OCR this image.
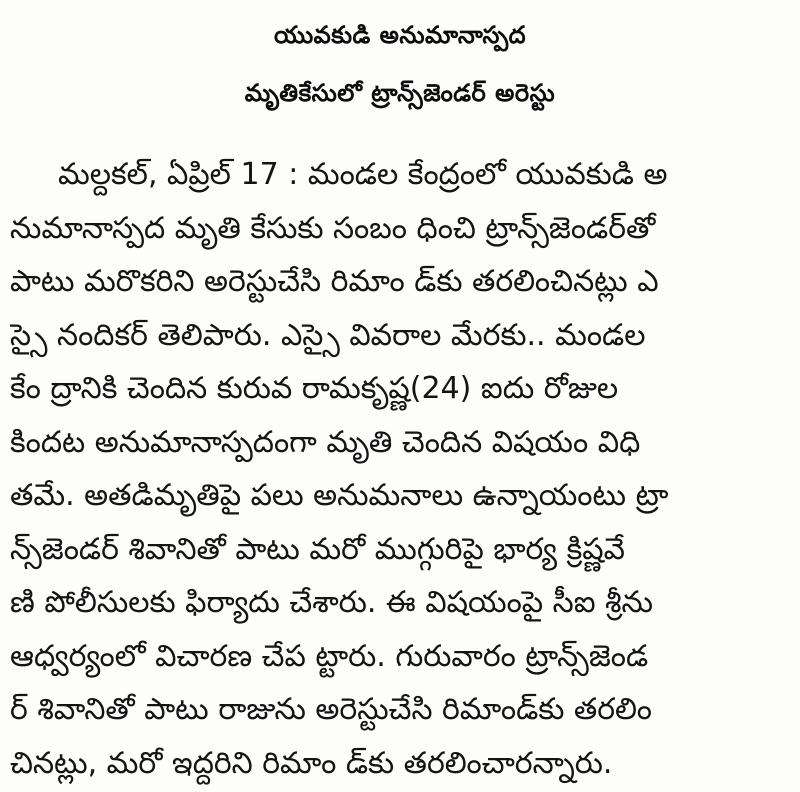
యువకుడి అనుమానాస్పద
మృతికేసులో ట్రాన్స్‌జెండర్ అరెస్టు
మల్దకల్, ఏప్రిల్ 17 : మండల కేంద్రంలో యువకుడి అ
నుమానాస్పద మృతి కేసుకు సంబం ధించి ట్రాన్స్‌జెండర్‌తో
పాటు మరొకరిని అరెస్టుచేసి రిమాం డ్‌కు తరలించినట్లు ఎ
స్సై నందికర్ తెలిపారు. ఎస్సై వివరాల మేరకు.. మండల
కేం ద్రానికి చెందిన కురువ రామకృష్ణ(24) ఐదు రోజుల
కిందట అనుమానాస్పదంగా మృతి చెందిన విషయం విధి
తమే. అతడిమృతిపై పలు అనుమనాలు ఉన్నాయంటు ట్రా
న్స్‌జెండర్ శివానితో పాటు మరో ముగ్గురిపై భార్య క్రిష్ణవే
ణి పోలీసులకు ఫిర్యాదు చేశారు. ఈ విషయంపై సీఐ శ్రీను
ఆధ్వర్యంలో విచారణ చేప ట్టారు. గురువారం ట్రాన్స్‌జెండ
ర్ శివానితో పాటు రాజును అరెస్టుచేసి రిమాండ్‌కు తరలిం
చినట్లు, మరో ఇద్దరిని రిమాం డ్‌కు తరలించారన్నారు.
